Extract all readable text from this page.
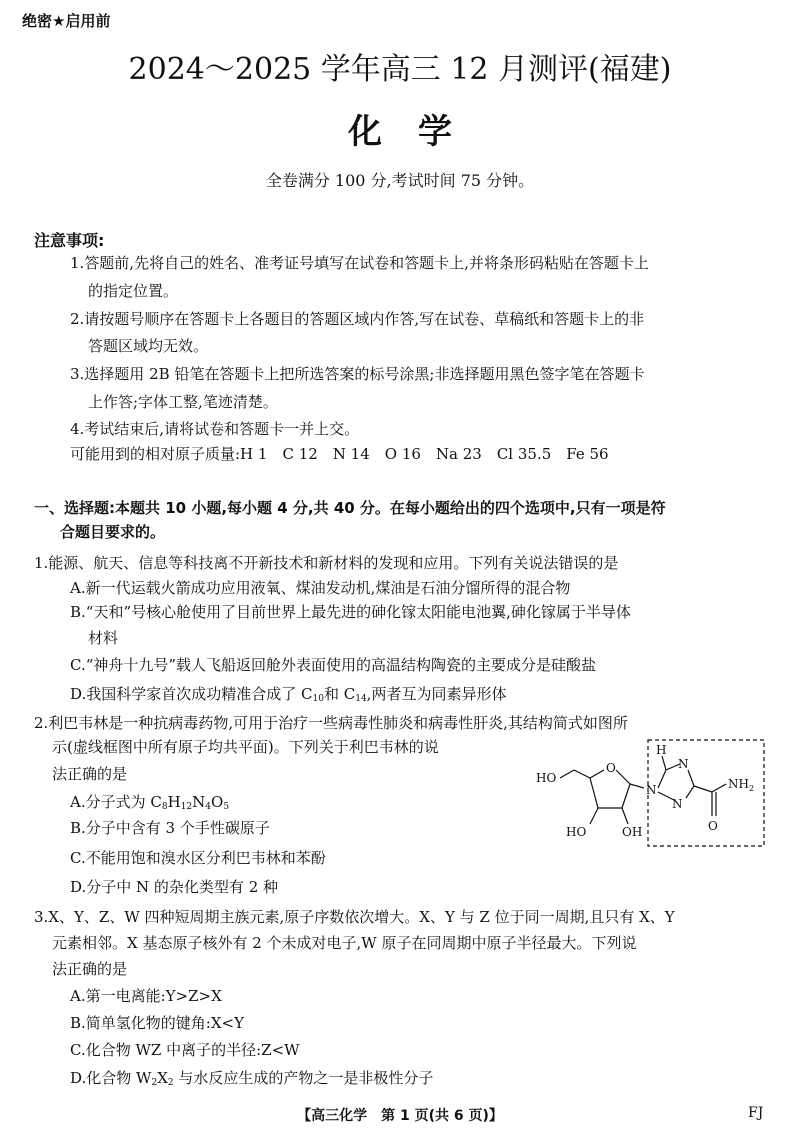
绝密★启用前
2024～2025 学年高三 12 月测评(福建)
化学
全卷满分 100 分,考试时间 75 分钟。
注意事项:
1.答题前,先将自己的姓名、准考证号填写在试卷和答题卡上,并将条形码粘贴在答题卡上
的指定位置。
2.请按题号顺序在答题卡上各题目的答题区域内作答,写在试卷、草稿纸和答题卡上的非
答题区域均无效。
3.选择题用 2B 铅笔在答题卡上把所选答案的标号涂黑;非选择题用黑色签字笔在答题卡
上作答;字体工整,笔迹清楚。
4.考试结束后,请将试卷和答题卡一并上交。
可能用到的相对原子质量:H 1　C 12　N 14　O 16　Na 23　Cl 35.5　Fe 56
一、选择题:本题共 10 小题,每小题 4 分,共 40 分。在每小题给出的四个选项中,只有一项是符
合题目要求的。
1.能源、航天、信息等科技离不开新技术和新材料的发现和应用。下列有关说法错误的是
A.新一代运载火箭成功应用液氧、煤油发动机,煤油是石油分馏所得的混合物
B.“天和”号核心舱使用了目前世界上最先进的砷化镓太阳能电池翼,砷化镓属于半导体
材料
C.“神舟十九号”载人飞船返回舱外表面使用的高温结构陶瓷的主要成分是硅酸盐
D.我国科学家首次成功精准合成了 $C_{10}$和 $C_{14}$,两者互为同素异形体
2.利巴韦林是一种抗病毒药物,可用于治疗一些病毒性肺炎和病毒性肝炎,其结构简式如图所
示(虚线框图中所有原子均共平面)。下列关于利巴韦林的说
法正确的是
A.分子式为 $C_8H_{12}N_4O_5$
B.分子中含有 3 个手性碳原子
C.不能用饱和溴水区分利巴韦林和苯酚
D.分子中 N 的杂化类型有 2 种
HO
O
HO	OH
N
N
N
H
O
$NH_2$
3.X、Y、Z、W 四种短周期主族元素,原子序数依次增大。X、Y 与 Z 位于同一周期,且只有 X、Y
元素相邻。X 基态原子核外有 2 个未成对电子,W 原子在同周期中原子半径最大。下列说
法正确的是
A.第一电离能:Y>Z>X
B.简单氢化物的键角:X<Y
C.化合物 WZ 中离子的半径:Z<W
D.化合物 $W_2X_2$ 与水反应生成的产物之一是非极性分子
【高三化学　第 1 页(共 6 页)】	FJ
